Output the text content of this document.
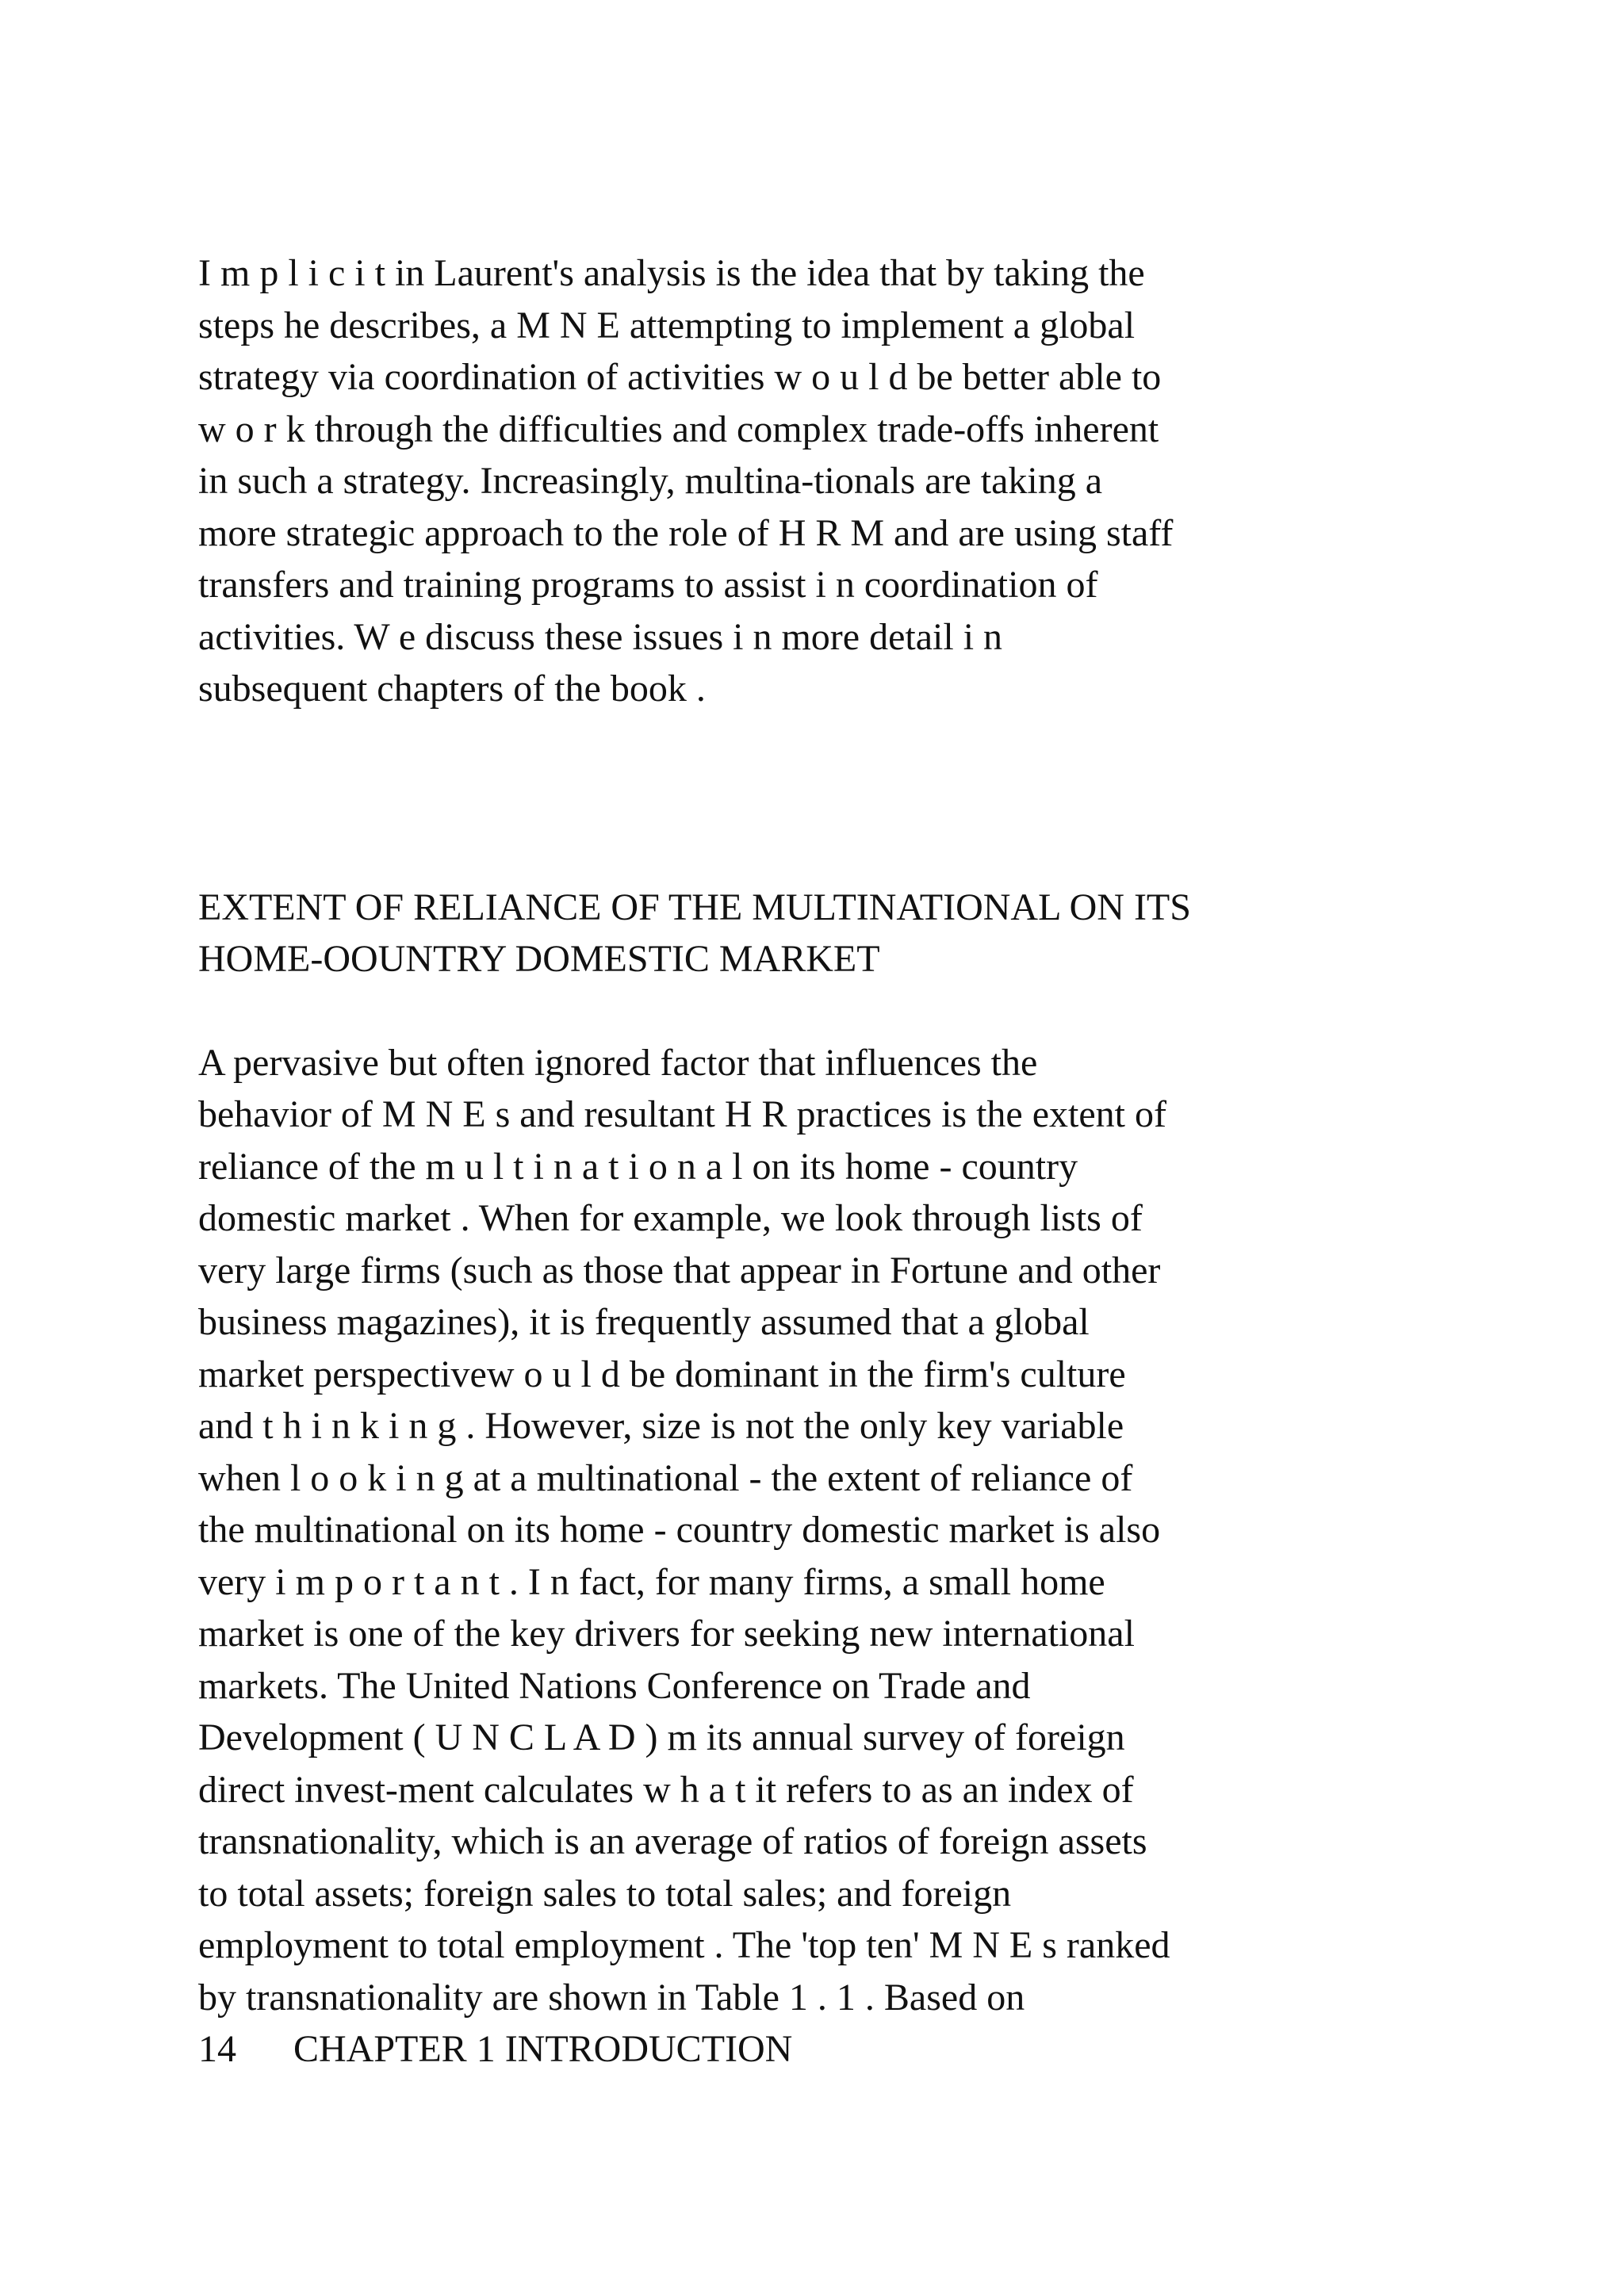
I m p l i c i t in Laurent's analysis is the idea that by taking the
steps he describes, a M N E attempting to implement a global
strategy via coordination of activities w o u l d be better able to
w o r k through the difficulties and complex trade-offs inherent
in such a strategy. Increasingly, multina-tionals are taking a
more strategic approach to the role of H R M and are using staff
transfers and training programs to assist i n coordination of
activities. W e discuss these issues i n more detail i n
subsequent chapters of the book .

EXTENT OF RELIANCE OF THE MULTINATIONAL ON ITS
HOME-OOUNTRY DOMESTIC MARKET

A pervasive but often ignored factor that influences the
behavior of M N E s and resultant H R practices is the extent of
reliance of the m u l t i n a t i o n a l on its home - country
domestic market . When for example, we look through lists of
very large firms (such as those that appear in Fortune and other
business magazines), it is frequently assumed that a global
market perspectivew o u l d be dominant in the firm's culture
and t h i n k i n g . However, size is not the only key variable
when l o o k i n g at a multinational - the extent of reliance of
the multinational on its home - country domestic market is also
very i m p o r t a n t . I n fact, for many firms, a small home
market is one of the key drivers for seeking new international
markets. The United Nations Conference on Trade and
Development ( U N C L A D ) m its annual survey of foreign
direct invest-ment calculates w h a t it refers to as an index of
transnationality, which is an average of ratios of foreign assets
to total assets; foreign sales to total sales; and foreign
employment to total employment . The 'top ten' M N E s ranked
by transnationality are shown in Table 1 . 1 . Based on

14 CHAPTER 1 INTRODUCTION
